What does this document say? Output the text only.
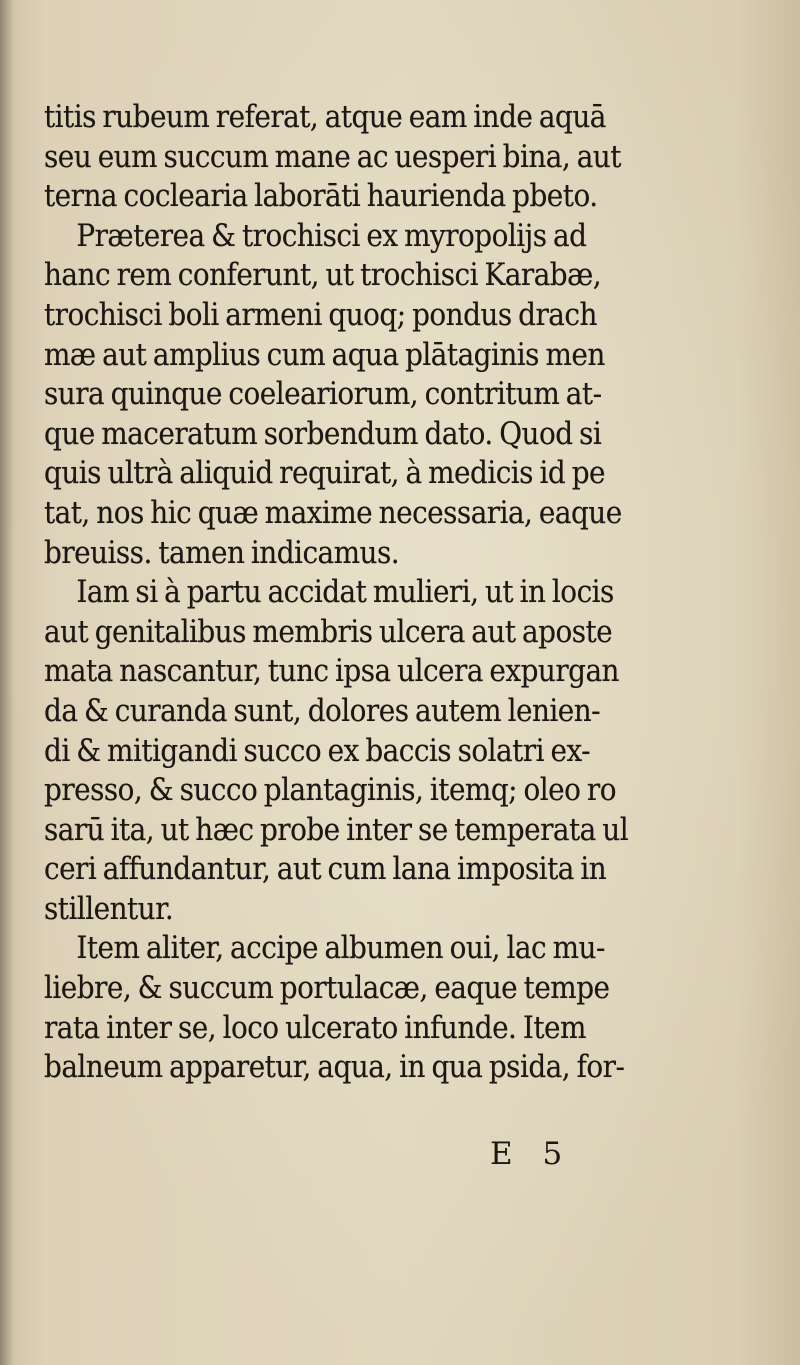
titis rubeum referat, atque eam inde aquā
seu eum succum mane ac uesperi bina, aut
terna coclearia laborāti haurienda pbeto.
Præterea & trochisci ex myropolijs ad
hanc rem conferunt, ut trochisci Karabæ,
trochisci boli armeni quoq; pondus drach
mæ aut amplius cum aqua plātaginis men
sura quinque coeleariorum, contritum at-
que maceratum sorbendum dato. Quod si
quis ultrà aliquid requirat, à medicis id pe
tat, nos hic quæ maxime necessaria, eaque
breuiss. tamen indicamus.
Iam si à partu accidat mulieri, ut in locis
aut genitalibus membris ulcera aut aposte
mata nascantur, tunc ipsa ulcera expurgan
da & curanda sunt, dolores autem lenien-
di & mitigandi succo ex baccis solatri ex-
presso, & succo plantaginis, itemq; oleo ro
sarū ita, ut hæc probe inter se temperata ul
ceri affundantur, aut cum lana imposita in
stillentur.
Item aliter, accipe albumen oui, lac mu-
liebre, & succum portulacæ, eaque tempe
rata inter se, loco ulcerato infunde. Item
balneum apparetur, aqua, in qua psida, for-
E 5
